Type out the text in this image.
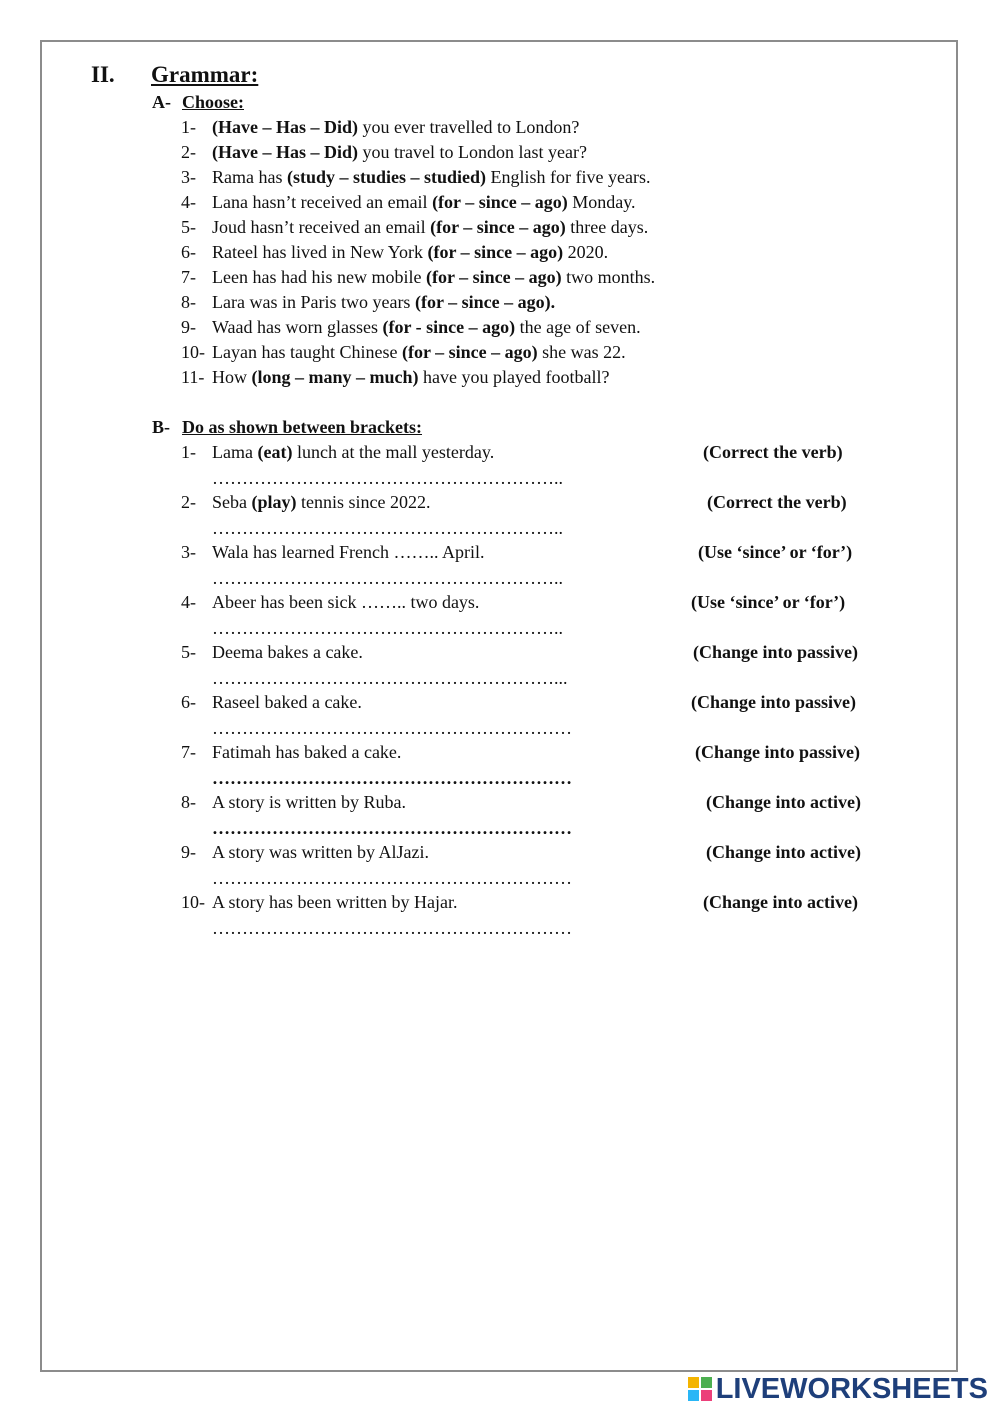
II. Grammar:
A- Choose:
1- (Have – Has – Did) you ever travelled to London?
2- (Have – Has – Did) you travel to London last year?
3- Rama has (study – studies – studied) English for five years.
4- Lana hasn’t received an email (for – since – ago) Monday.
5- Joud hasn’t received an email (for – since – ago) three days.
6- Rateel has lived in New York (for – since – ago) 2020.
7- Leen has had his new mobile (for – since – ago) two months.
8- Lara was in Paris two years (for – since – ago).
9- Waad has worn glasses (for - since – ago) the age of seven.
10- Layan has taught Chinese (for – since – ago) she was 22.
11- How (long – many – much) have you played football?
B- Do as shown between brackets:
1- Lama (eat) lunch at the mall yesterday.	(Correct the verb)
…………………………………………………..
2- Seba (play) tennis since 2022.	(Correct the verb)
…………………………………………………..
3- Wala has learned French …….. April.	(Use ‘since’ or ‘for’)
…………………………………………………..
4- Abeer has been sick …….. two days.	(Use ‘since’ or ‘for’)
…………………………………………………..
5- Deema bakes a cake.	(Change into passive)
…………………………………………………...
6- Raseel baked a cake.	(Change into passive)
……………………………………………………
7- Fatimah has baked a cake.	(Change into passive)
……………………………………………………
8- A story is written by Ruba.	(Change into active)
……………………………………………………
9- A story was written by AlJazi.	(Change into active)
……………………………………………………
10- A story has been written by Hajar.	(Change into active)
……………………………………………………
LIVEWORKSHEETS
